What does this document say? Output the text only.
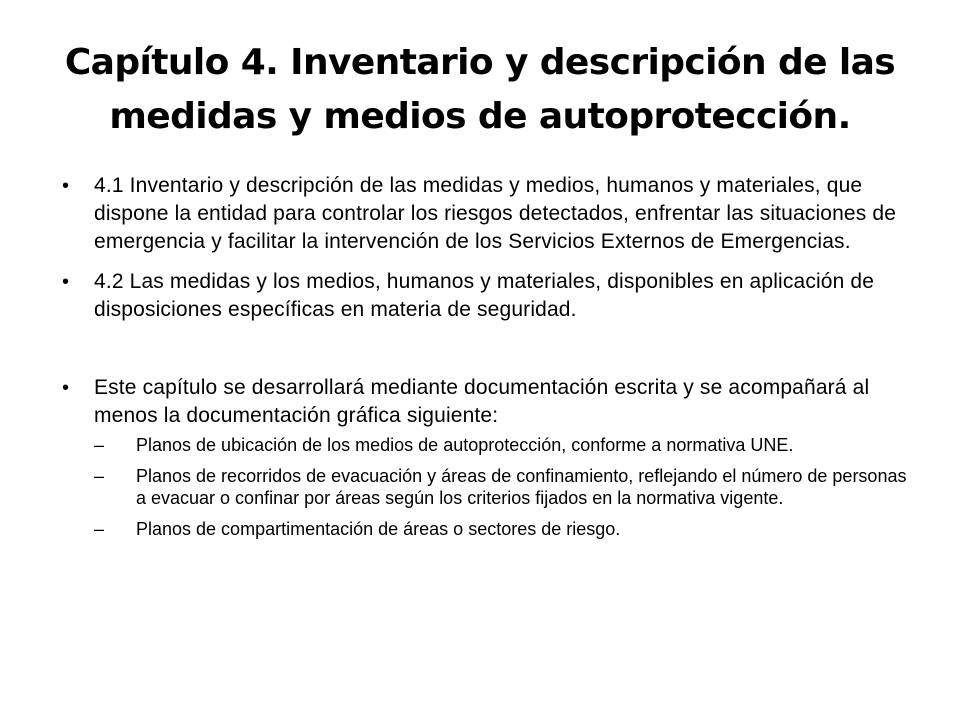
Capítulo 4. Inventario y descripción de las medidas y medios de autoprotección.
•	4.1 Inventario y descripción de las medidas y medios, humanos y materiales, que dispone la entidad para controlar los riesgos detectados, enfrentar las situaciones de emergencia y facilitar la intervención de los Servicios Externos de Emergencias.
•	4.2 Las medidas y los medios, humanos y materiales, disponibles en aplicación de disposiciones específicas en materia de seguridad.
•	Este capítulo se desarrollará mediante documentación escrita y se acompañará al menos la documentación gráfica siguiente:
–	Planos de ubicación de los medios de autoprotección, conforme a normativa UNE.
–	Planos de recorridos de evacuación y áreas de confinamiento, reflejando el número de personas a evacuar o confinar por áreas según los criterios fijados en la normativa vigente.
–	Planos de compartimentación de áreas o sectores de riesgo.
